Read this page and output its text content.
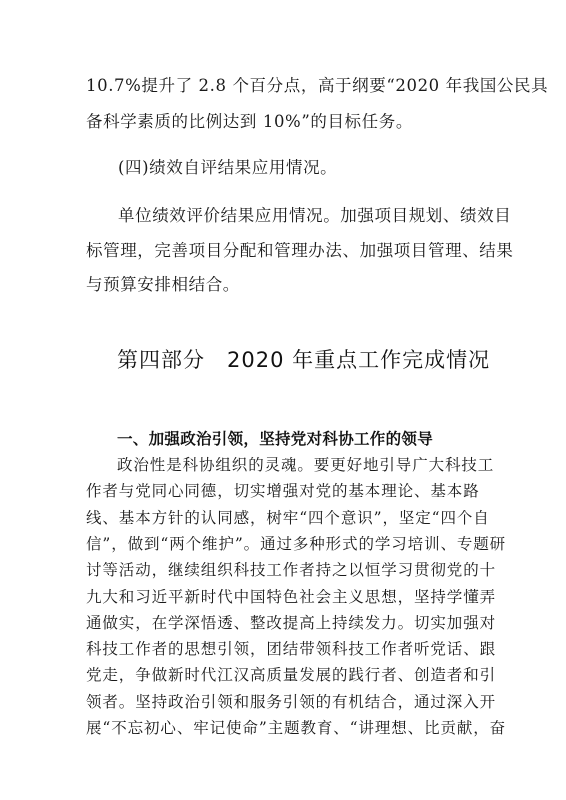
10.7%提升了 2.8 个百分点，高于纲要“2020 年我国公民具
备科学素质的比例达到 10%”的目标任务。
(四)绩效自评结果应用情况。
单位绩效评价结果应用情况。加强项目规划、绩效目
标管理，完善项目分配和管理办法、加强项目管理、结果
与预算安排相结合。
第四部分　2020 年重点工作完成情况
一、加强政治引领，坚持党对科协工作的领导
政治性是科协组织的灵魂。要更好地引导广大科技工
作者与党同心同德，切实增强对党的基本理论、基本路
线、基本方针的认同感，树牢“四个意识”，坚定“四个自
信”，做到“两个维护”。通过多种形式的学习培训、专题研
讨等活动，继续组织科技工作者持之以恒学习贯彻党的十
九大和习近平新时代中国特色社会主义思想，坚持学懂弄
通做实，在学深悟透、整改提高上持续发力。切实加强对
科技工作者的思想引领，团结带领科技工作者听党话、跟
党走，争做新时代江汉高质量发展的践行者、创造者和引
领者。坚持政治引领和服务引领的有机结合，通过深入开
展“不忘初心、牢记使命”主题教育、“讲理想、比贡献，奋
